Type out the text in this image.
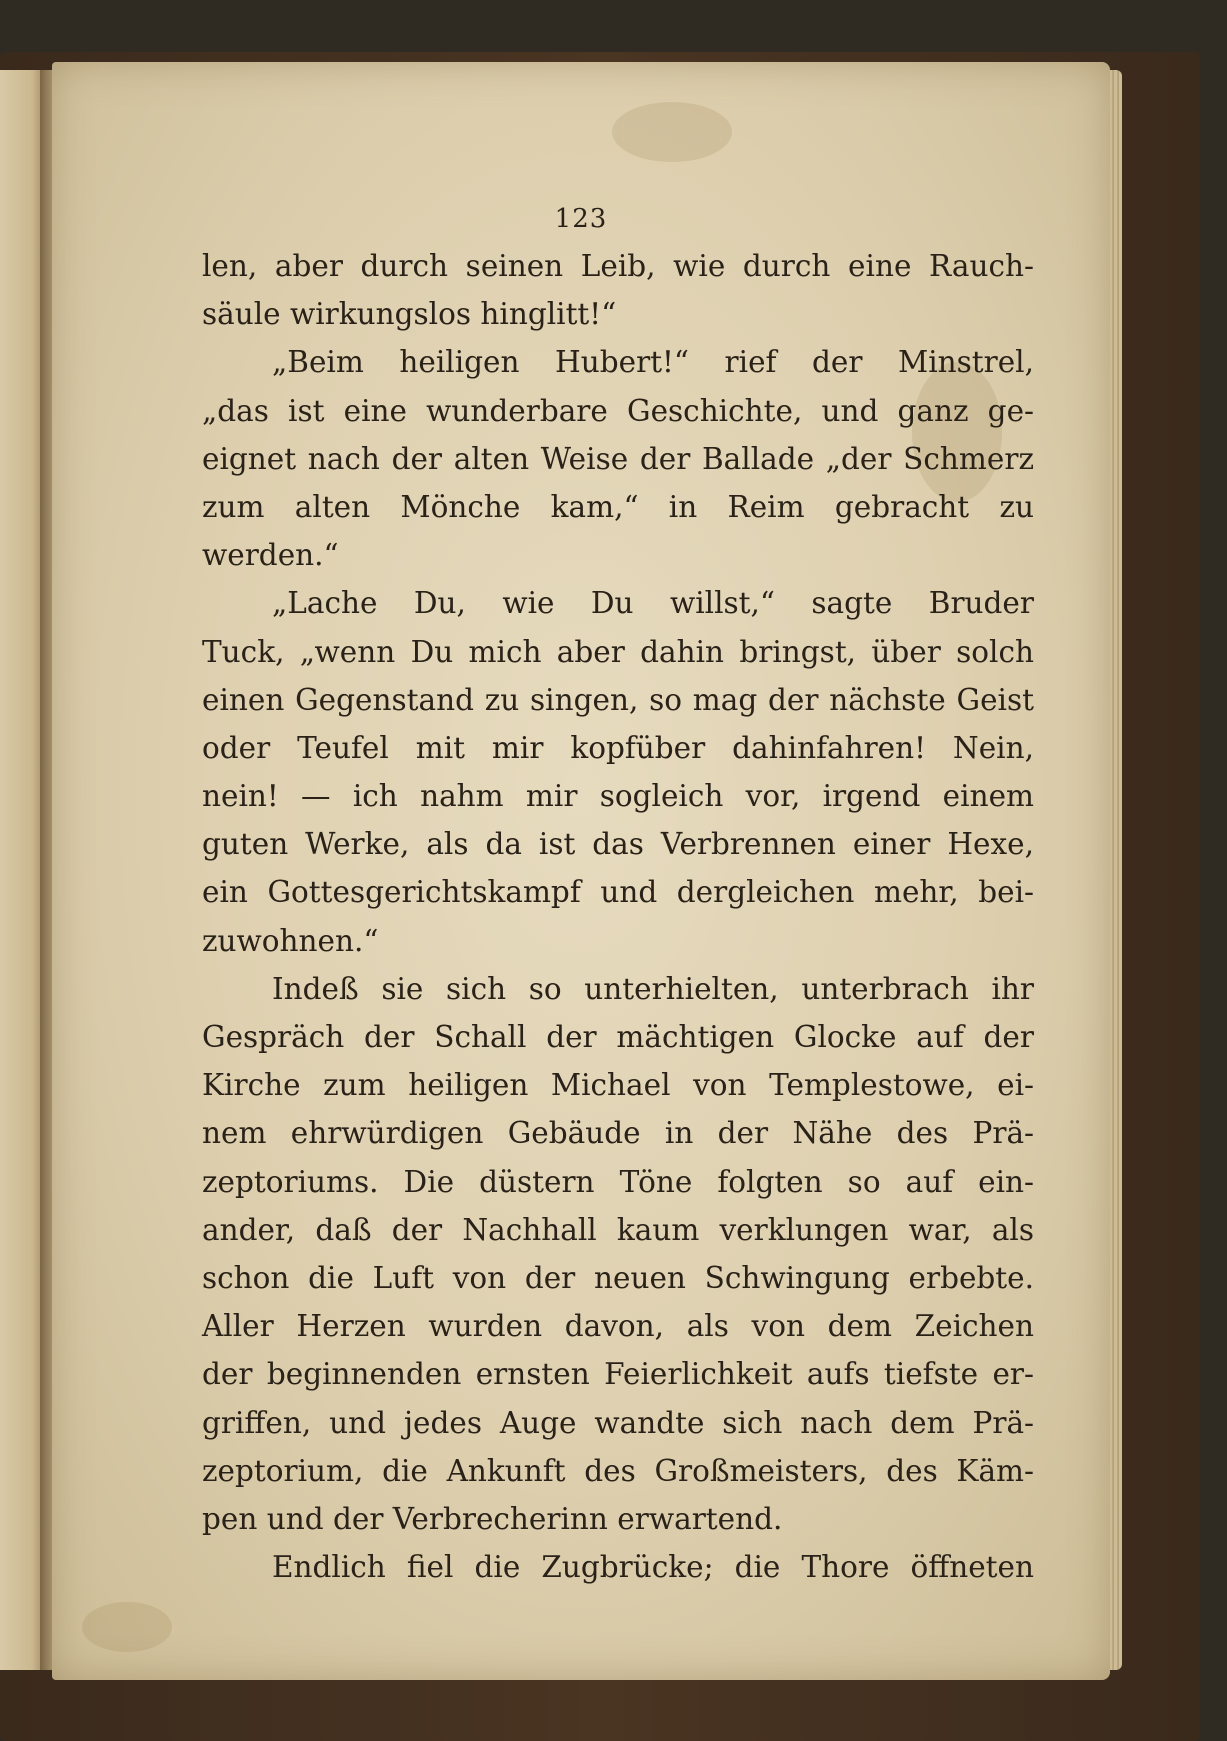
123
len, aber durch seinen Leib, wie durch eine Rauch-
säule wirkungslos hinglitt!“
„Beim heiligen Hubert!“ rief der Minstrel,
„das ist eine wunderbare Geschichte, und ganz ge-
eignet nach der alten Weise der Ballade „der Schmerz
zum alten Mönche kam,“ in Reim gebracht zu
werden.“
„Lache Du, wie Du willst,“ sagte Bruder
Tuck, „wenn Du mich aber dahin bringst, über solch
einen Gegenstand zu singen, so mag der nächste Geist
oder Teufel mit mir kopfüber dahinfahren! Nein,
nein! — ich nahm mir sogleich vor, irgend einem
guten Werke, als da ist das Verbrennen einer Hexe,
ein Gottesgerichtskampf und dergleichen mehr, bei-
zuwohnen.“
Indeß sie sich so unterhielten, unterbrach ihr
Gespräch der Schall der mächtigen Glocke auf der
Kirche zum heiligen Michael von Templestowe, ei-
nem ehrwürdigen Gebäude in der Nähe des Prä-
zeptoriums. Die düstern Töne folgten so auf ein-
ander, daß der Nachhall kaum verklungen war, als
schon die Luft von der neuen Schwingung erbebte.
Aller Herzen wurden davon, als von dem Zeichen
der beginnenden ernsten Feierlichkeit aufs tiefste er-
griffen, und jedes Auge wandte sich nach dem Prä-
zeptorium, die Ankunft des Großmeisters, des Käm-
pen und der Verbrecherinn erwartend.
Endlich fiel die Zugbrücke; die Thore öffneten
